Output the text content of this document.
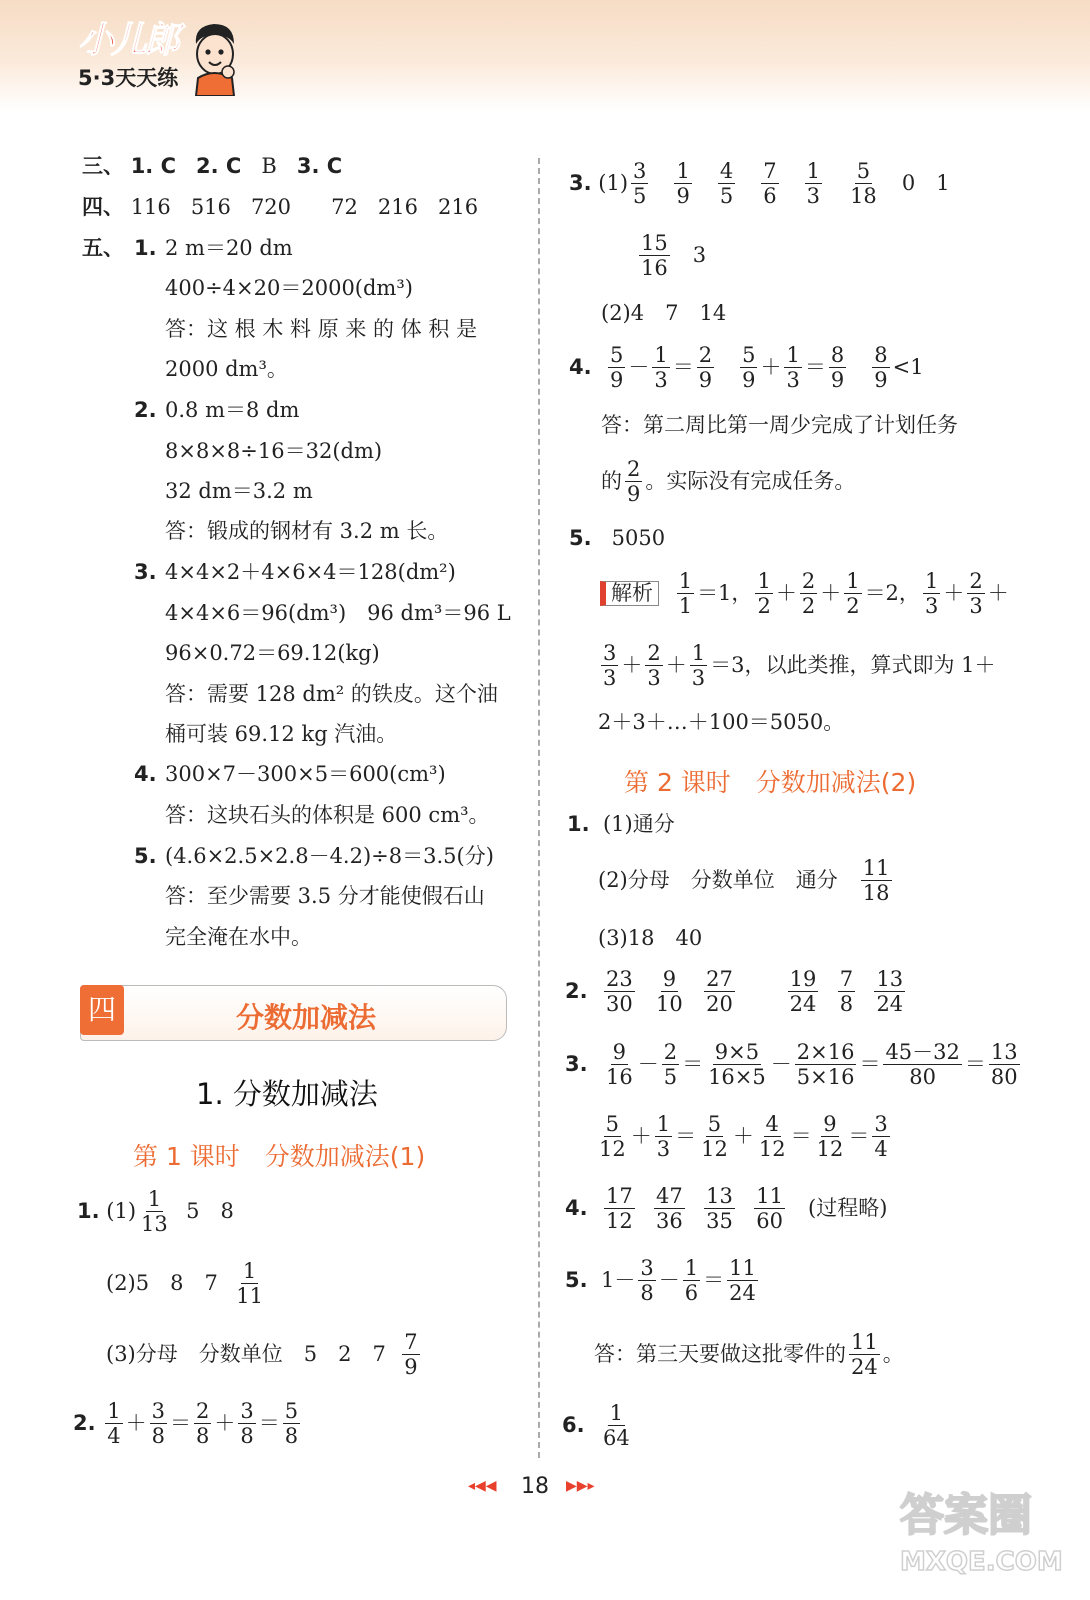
小儿郎
5·3天天练
三、 1. C 2. C B 3. C
四、 116 516 720 72 216 216
五、 1. 2 m＝20 dm
400÷4×20＝2000(dm³)
答：这 根 木 料 原 来 的 体 积 是
2000 dm³。
2. 0.8 m＝8 dm
8×8×8÷16＝32(dm)
32 dm＝3.2 m
答：锻成的钢材有 3.2 m 长。
3. 4×4×2＋4×6×4＝128(dm²)
4×4×6＝96(dm³)　96 dm³＝96 L
96×0.72＝69.12(kg)
答：需要 128 dm² 的铁皮。这个油
桶可装 69.12 kg 汽油。
4. 300×7－300×5＝600(cm³)
答：这块石头的体积是 600 cm³。
5. (4.6×2.5×2.8－4.2)÷8＝3.5(分)
答：至少需要 3.5 分才能使假石山
完全淹在水中。
四	分数加减法
1. 分数加减法
第 1 课时　分数加减法(1)
1.
$(1) \frac{1}{13}$
5　8
(2)5　8　7
$\frac{1}{11}$
(3)分母　分数单位　5　2　7
$\frac{7}{9}$
2.
$\frac{1}{4} + \frac{3}{8} = \frac{2}{8} + \frac{3}{8} = \frac{5}{8}$
3.
$(1) \frac{3}{5}$
$\frac{1}{9}$
$\frac{4}{5}$
$\frac{7}{6}$
$\frac{1}{3}$
$\frac{5}{18}$
0　1
$\frac{15}{16}$
3
(2)4　7　14
4.
$\frac{5}{9} - \frac{1}{3} = \frac{2}{9}$
$\frac{5}{9} + \frac{1}{3} = \frac{8}{9}$
$\frac{8}{9} <1$
答：第二周比第一周少完成了计划任务
的 $\frac{2}{9}$ 。实际没有完成任务。
5. 5050
解析
$\frac{1}{1} =1$， $\frac{1}{2} + \frac{2}{2} + \frac{1}{2} =2$， $\frac{1}{3} + \frac{2}{3}$ ＋
$\frac{3}{3} + \frac{2}{3} + \frac{1}{3} =3$，以此类推，算式即为 1＋
2＋3＋…＋100＝5050。
第 2 课时　分数加减法(2)
1. (1)通分
(2)分母　分数单位　通分
$\frac{11}{18}$
(3)18　40
2.
$\frac{23}{30}$
$\frac{9}{10}$
$\frac{27}{20}$
	$\frac{19}{24}$
$\frac{7}{8}$
$\frac{13}{24}$
3.
$\frac{9}{16} - \frac{2}{5} = \frac{9\times 5}{16\times 5} - \frac{2\times 16}{5\times 16} = \frac{45-32}{80} = \frac{13}{80}$
$\frac{5}{12} + \frac{1}{3} = \frac{5}{12} + \frac{4}{12} = \frac{9}{12} = \frac{3}{4}$
4.
$\frac{17}{12}$
$\frac{47}{36}$
$\frac{13}{35}$
$\frac{11}{60}$
(过程略)
5.
$1- \frac{3}{8} - \frac{1}{6} = \frac{11}{24}$
答：第三天要做这批零件的 $\frac{11}{24}$ 。
6.
$\frac{1}{64}$
◂◀◀ 18 ▶▶▸
答案圈
MXQE.COM
